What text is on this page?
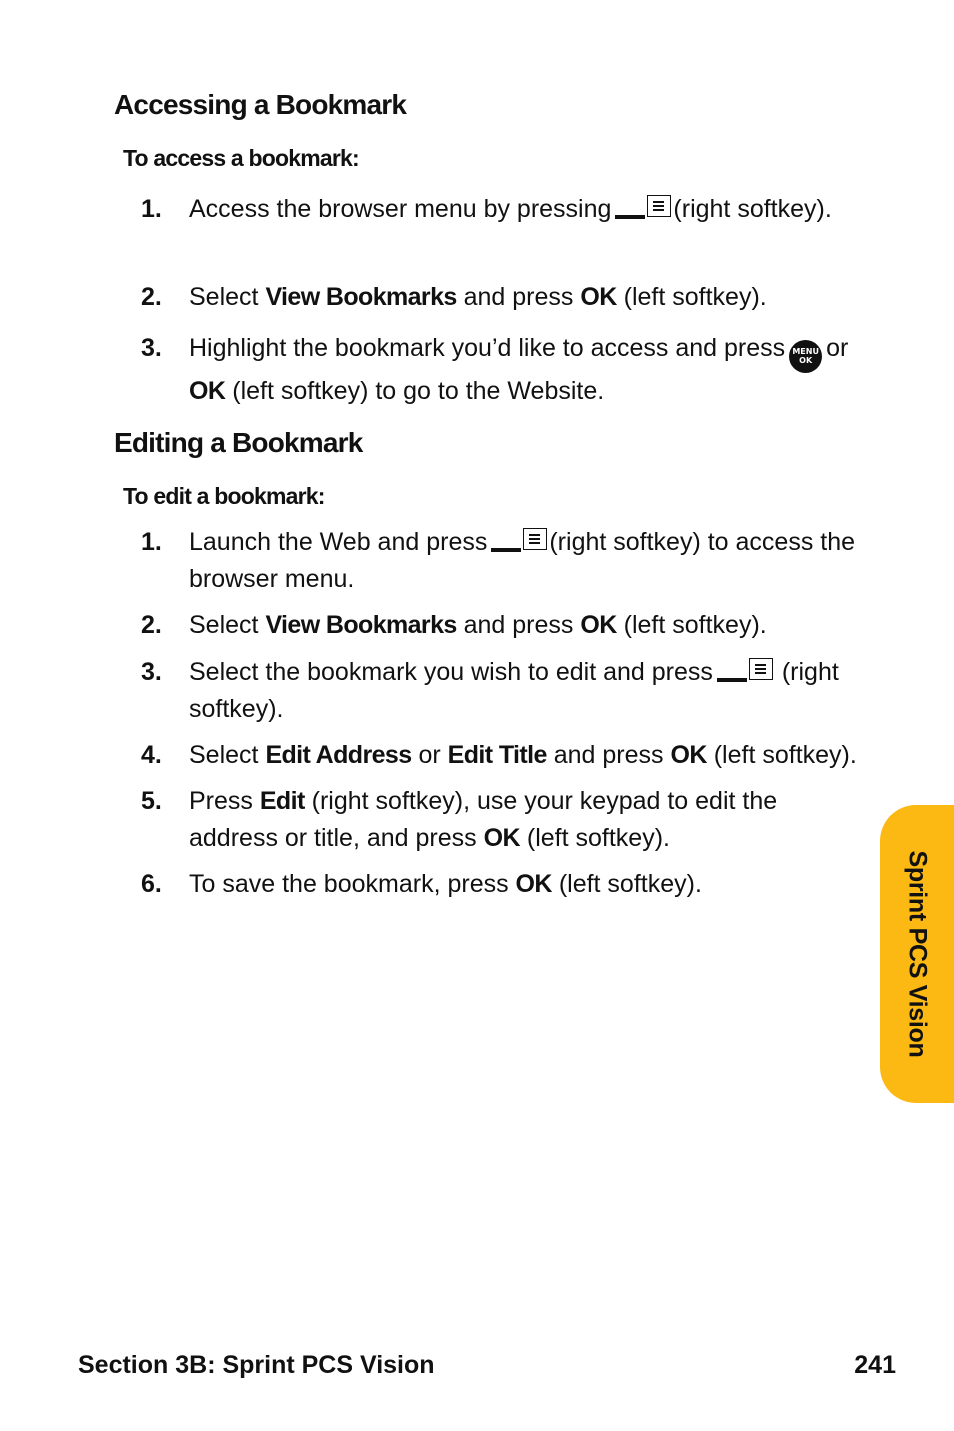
Accessing a Bookmark
To access a bookmark:
1. Access the browser menu by pressing (right softkey).
2. Select View Bookmarks and press OK (left softkey).
3. Highlight the bookmark you’d like to access and press MENU
OK or OK (left softkey) to go to the Website.
Editing a Bookmark
To edit a bookmark:
1. Launch the Web and press (right softkey) to access the browser menu.
2. Select View Bookmarks and press OK (left softkey).
3. Select the bookmark you wish to edit and press	(right softkey).
4. Select Edit Address or Edit Title and press OK (left softkey).
5. Press Edit (right softkey), use your keypad to edit the address or title, and press OK (left softkey).
6. To save the bookmark, press OK (left softkey).	Sprint PCS Vision
Section 3B: Sprint PCS Vision	241
